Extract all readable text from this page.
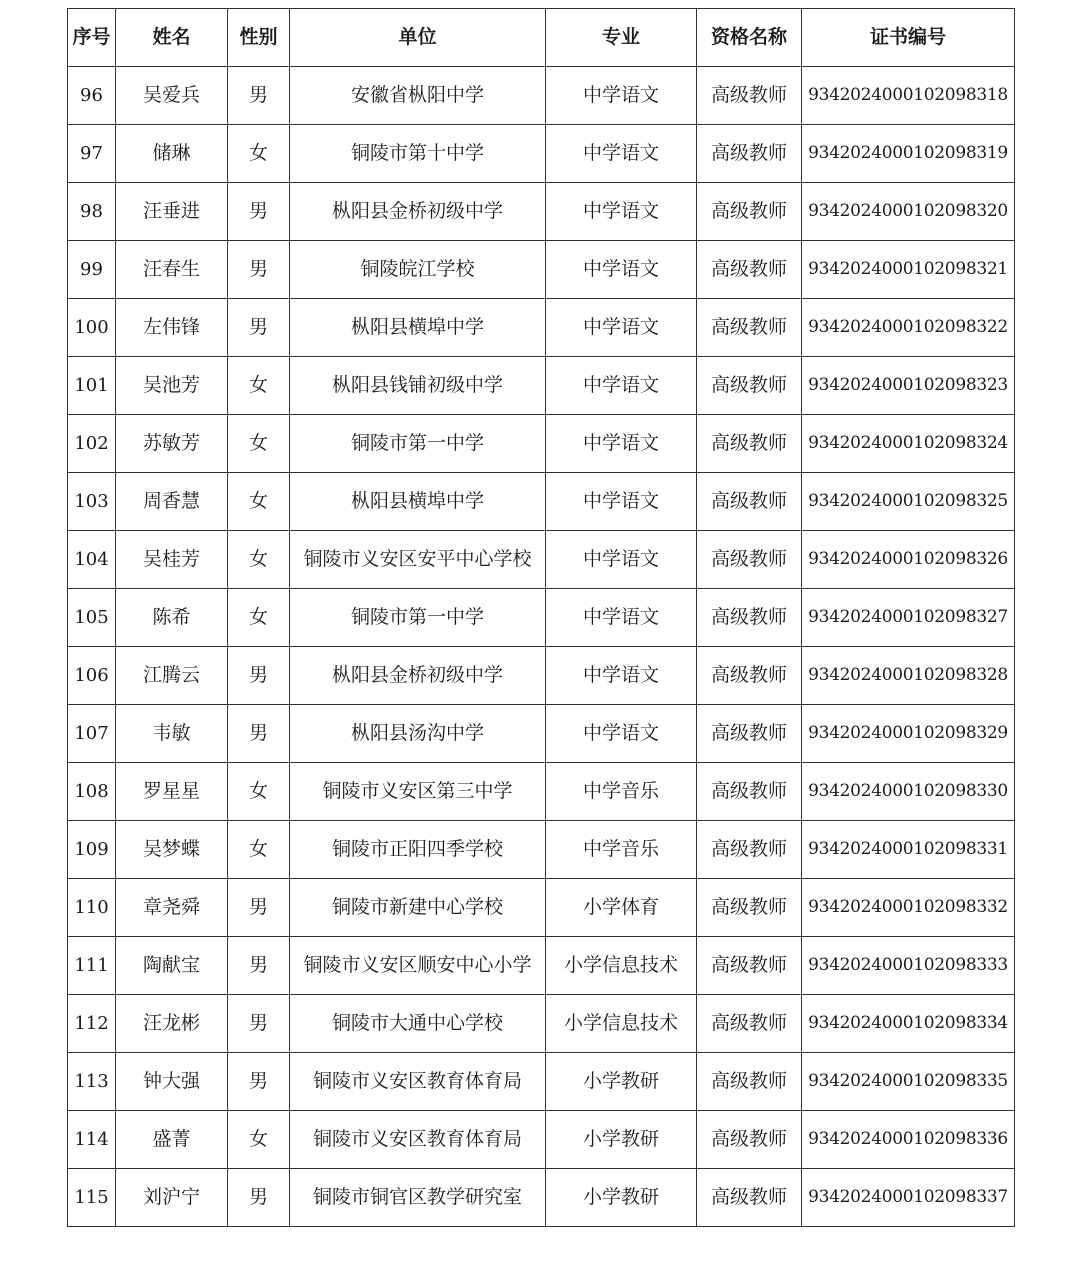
序号	姓名	性别	单位	专业	资格名称	证书编号
96	吴爱兵	男	安徽省枞阳中学	中学语文	高级教师	9342024000102098318
97	储琳	女	铜陵市第十中学	中学语文	高级教师	9342024000102098319
98	汪垂进	男	枞阳县金桥初级中学	中学语文	高级教师	9342024000102098320
99	汪春生	男	铜陵皖江学校	中学语文	高级教师	9342024000102098321
100	左伟锋	男	枞阳县横埠中学	中学语文	高级教师	9342024000102098322
101	吴池芳	女	枞阳县钱铺初级中学	中学语文	高级教师	9342024000102098323
102	苏敏芳	女	铜陵市第一中学	中学语文	高级教师	9342024000102098324
103	周香慧	女	枞阳县横埠中学	中学语文	高级教师	9342024000102098325
104	吴桂芳	女	铜陵市义安区安平中心学校	中学语文	高级教师	9342024000102098326
105	陈希	女	铜陵市第一中学	中学语文	高级教师	9342024000102098327
106	江腾云	男	枞阳县金桥初级中学	中学语文	高级教师	9342024000102098328
107	韦敏	男	枞阳县汤沟中学	中学语文	高级教师	9342024000102098329
108	罗星星	女	铜陵市义安区第三中学	中学音乐	高级教师	9342024000102098330
109	吴梦蝶	女	铜陵市正阳四季学校	中学音乐	高级教师	9342024000102098331
110	章尧舜	男	铜陵市新建中心学校	小学体育	高级教师	9342024000102098332
111	陶献宝	男	铜陵市义安区顺安中心小学	小学信息技术	高级教师	9342024000102098333
112	汪龙彬	男	铜陵市大通中心学校	小学信息技术	高级教师	9342024000102098334
113	钟大强	男	铜陵市义安区教育体育局	小学教研	高级教师	9342024000102098335
114	盛菁	女	铜陵市义安区教育体育局	小学教研	高级教师	9342024000102098336
115	刘沪宁	男	铜陵市铜官区教学研究室	小学教研	高级教师	9342024000102098337
